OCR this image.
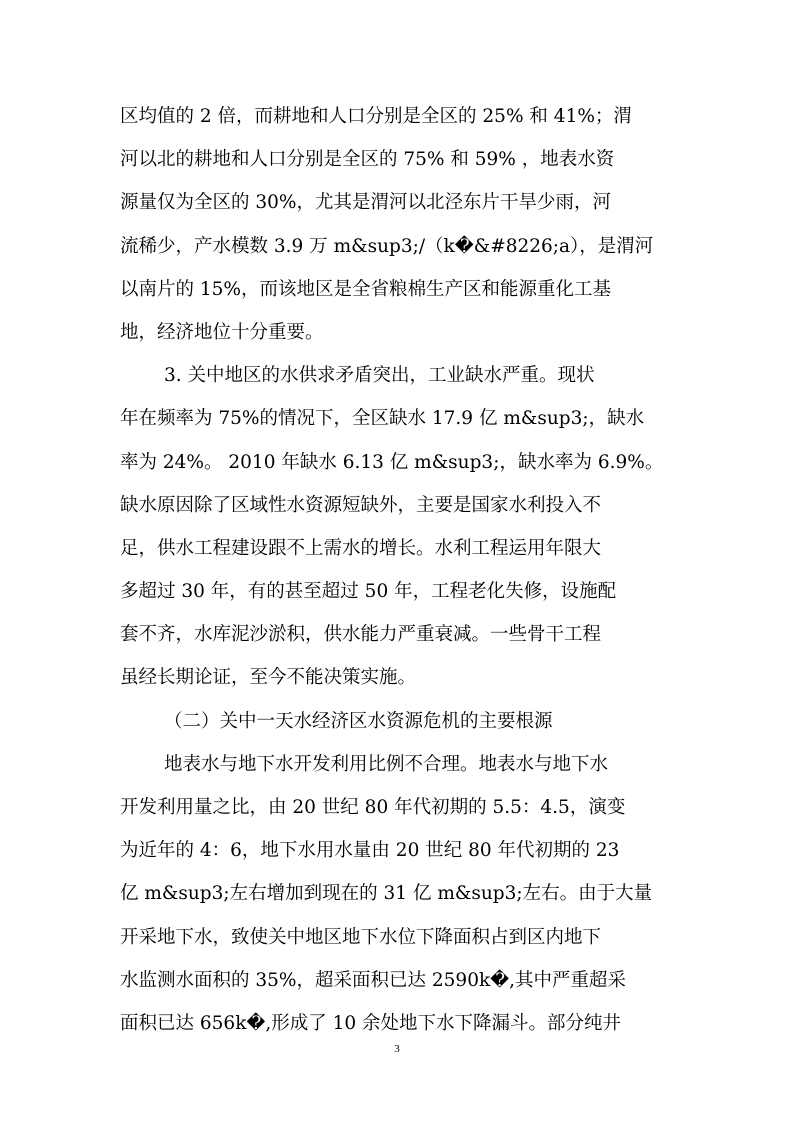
区均值的 2 倍，而耕地和人口分别是全区的 25% 和 41%；渭
河以北的耕地和人口分别是全区的 75% 和 59% ，地表水资
源量仅为全区的 30%，尤其是渭河以北泾东片干旱少雨，河
流稀少，产水模数 3.9 万 m&sup3;/（k�&#8226;a），是渭河
以南片的 15%，而该地区是全省粮棉生产区和能源重化工基
地，经济地位十分重要。
3. 关中地区的水供求矛盾突出，工业缺水严重。现状
年在频率为 75%的情况下，全区缺水 17.9 亿 m&sup3;，缺水
率为 24%。 2010 年缺水 6.13 亿 m&sup3;，缺水率为 6.9%。
缺水原因除了区域性水资源短缺外，主要是国家水利投入不
足，供水工程建设跟不上需水的增长。水利工程运用年限大
多超过 30 年，有的甚至超过 50 年，工程老化失修，设施配
套不齐，水库泥沙淤积，供水能力严重衰减。一些骨干工程
虽经长期论证，至今不能决策实施。
（二）关中一天水经济区水资源危机的主要根源
地表水与地下水开发利用比例不合理。地表水与地下水
开发利用量之比，由 20 世纪 80 年代初期的 5.5：4.5，演变
为近年的 4：6，地下水用水量由 20 世纪 80 年代初期的 23
亿 m&sup3;左右增加到现在的 31 亿 m&sup3;左右。由于大量
开采地下水，致使关中地区地下水位下降面积占到区内地下
水监测水面积的 35%，超采面积已达 2590k�,其中严重超采
面积已达 656k�,形成了 10 余处地下水下降漏斗。部分纯井
3
